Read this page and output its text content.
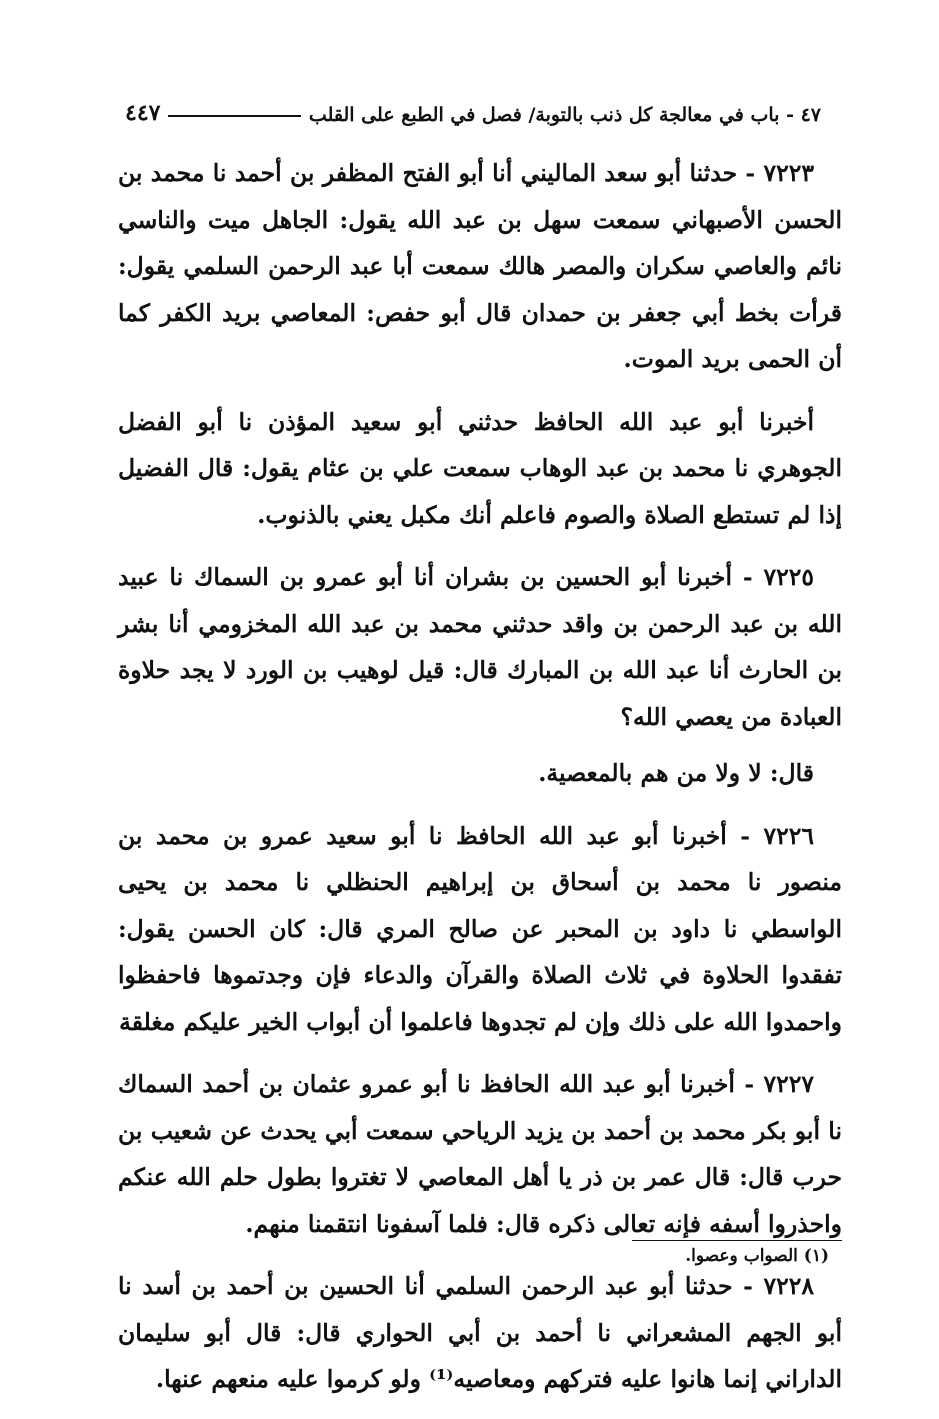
٤٧ - باب في معالجة كل ذنب بالتوبة/ فصل في الطبع على القلب
٤٤٧

٧٢٢٣ - حدثنا أبو سعد الماليني أنا أبو الفتح المظفر بن أحمد نا محمد بن الحسن الأصبهاني سمعت سهل بن عبد الله يقول: الجاهل ميت والناسي نائم والعاصي سكران والمصر هالك سمعت أبا عبد الرحمن السلمي يقول: قرأت بخط أبي جعفر بن حمدان قال أبو حفص: المعاصي بريد الكفر كما أن الحمى بريد الموت.

أخبرنا أبو عبد الله الحافظ حدثني أبو سعيد المؤذن نا أبو الفضل الجوهري نا محمد بن عبد الوهاب سمعت علي بن عثام يقول: قال الفضيل إذا لم تستطع الصلاة والصوم فاعلم أنك مكبل يعني بالذنوب.

٧٢٢٥ - أخبرنا أبو الحسين بن بشران أنا أبو عمرو بن السماك نا عبيد الله بن عبد الرحمن بن واقد حدثني محمد بن عبد الله المخزومي أنا بشر بن الحارث أنا عبد الله بن المبارك قال: قيل لوهيب بن الورد لا يجد حلاوة العبادة من يعصي الله؟

قال: لا ولا من هم بالمعصية.

٧٢٢٦ - أخبرنا أبو عبد الله الحافظ نا أبو سعيد عمرو بن محمد بن منصور نا محمد بن أسحاق بن إبراهيم الحنظلي نا محمد بن يحيى الواسطي نا داود بن المحبر عن صالح المري قال: كان الحسن يقول: تفقدوا الحلاوة في ثلاث الصلاة والقرآن والدعاء فإن وجدتموها فاحفظوا واحمدوا الله على ذلك وإن لم تجدوها فاعلموا أن أبواب الخير عليكم مغلقة

٧٢٢٧ - أخبرنا أبو عبد الله الحافظ نا أبو عمرو عثمان بن أحمد السماك نا أبو بكر محمد بن أحمد بن يزيد الرياحي سمعت أبي يحدث عن شعيب بن حرب قال: قال عمر بن ذر يا أهل المعاصي لا تغتروا بطول حلم الله عنكم واحذروا أسفه فإنه تعالى ذكره قال: فلما آسفونا انتقمنا منهم.

٧٢٢٨ - حدثنا أبو عبد الرحمن السلمي أنا الحسين بن أحمد بن أسد نا أبو الجهم المشعراني نا أحمد بن أبي الحواري قال: قال أبو سليمان الداراني إنما هانوا عليه فتركهم ومعاصيه⁽¹⁾ ولو كرموا عليه منعهم عنها.

(١) الصواب وعصوا.
